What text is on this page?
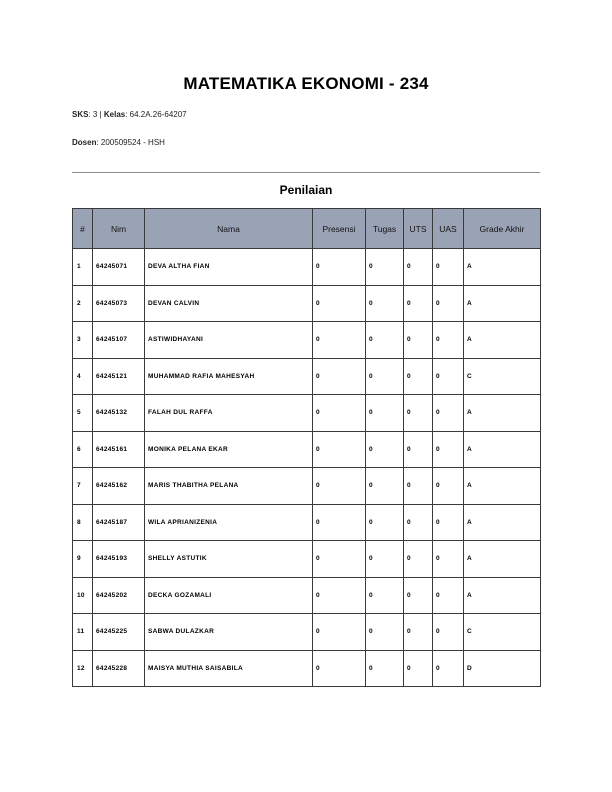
MATEMATIKA EKONOMI - 234
SKS: 3 | Kelas: 64.2A.26-64207
Dosen: 200509524 - HSH
Penilaian
#	Nim	Nama	Presensi	Tugas	UTS	UAS	Grade Akhir
1	64245071	DEVA ALTHA FIAN	0	0	0	0	A
2	64245073	DEVAN CALVIN	0	0	0	0	A
3	64245107	ASTIWIDHAYANI	0	0	0	0	A
4	64245121	MUHAMMAD RAFIA MAHESYAH	0	0	0	0	C
5	64245132	FALAH DUL RAFFA	0	0	0	0	A
6	64245161	MONIKA PELANA EKAR	0	0	0	0	A
7	64245162	MARIS THABITHA PELANA	0	0	0	0	A
8	64245187	WILA APRIANIZENIA	0	0	0	0	A
9	64245193	SHELLY ASTUTIK	0	0	0	0	A
10	64245202	DECKA GOZAMALI	0	0	0	0	A
11	64245225	SABWA DULAZKAR	0	0	0	0	C
12	64245228	MAISYA MUTHIA SAISABILA	0	0	0	0	D
